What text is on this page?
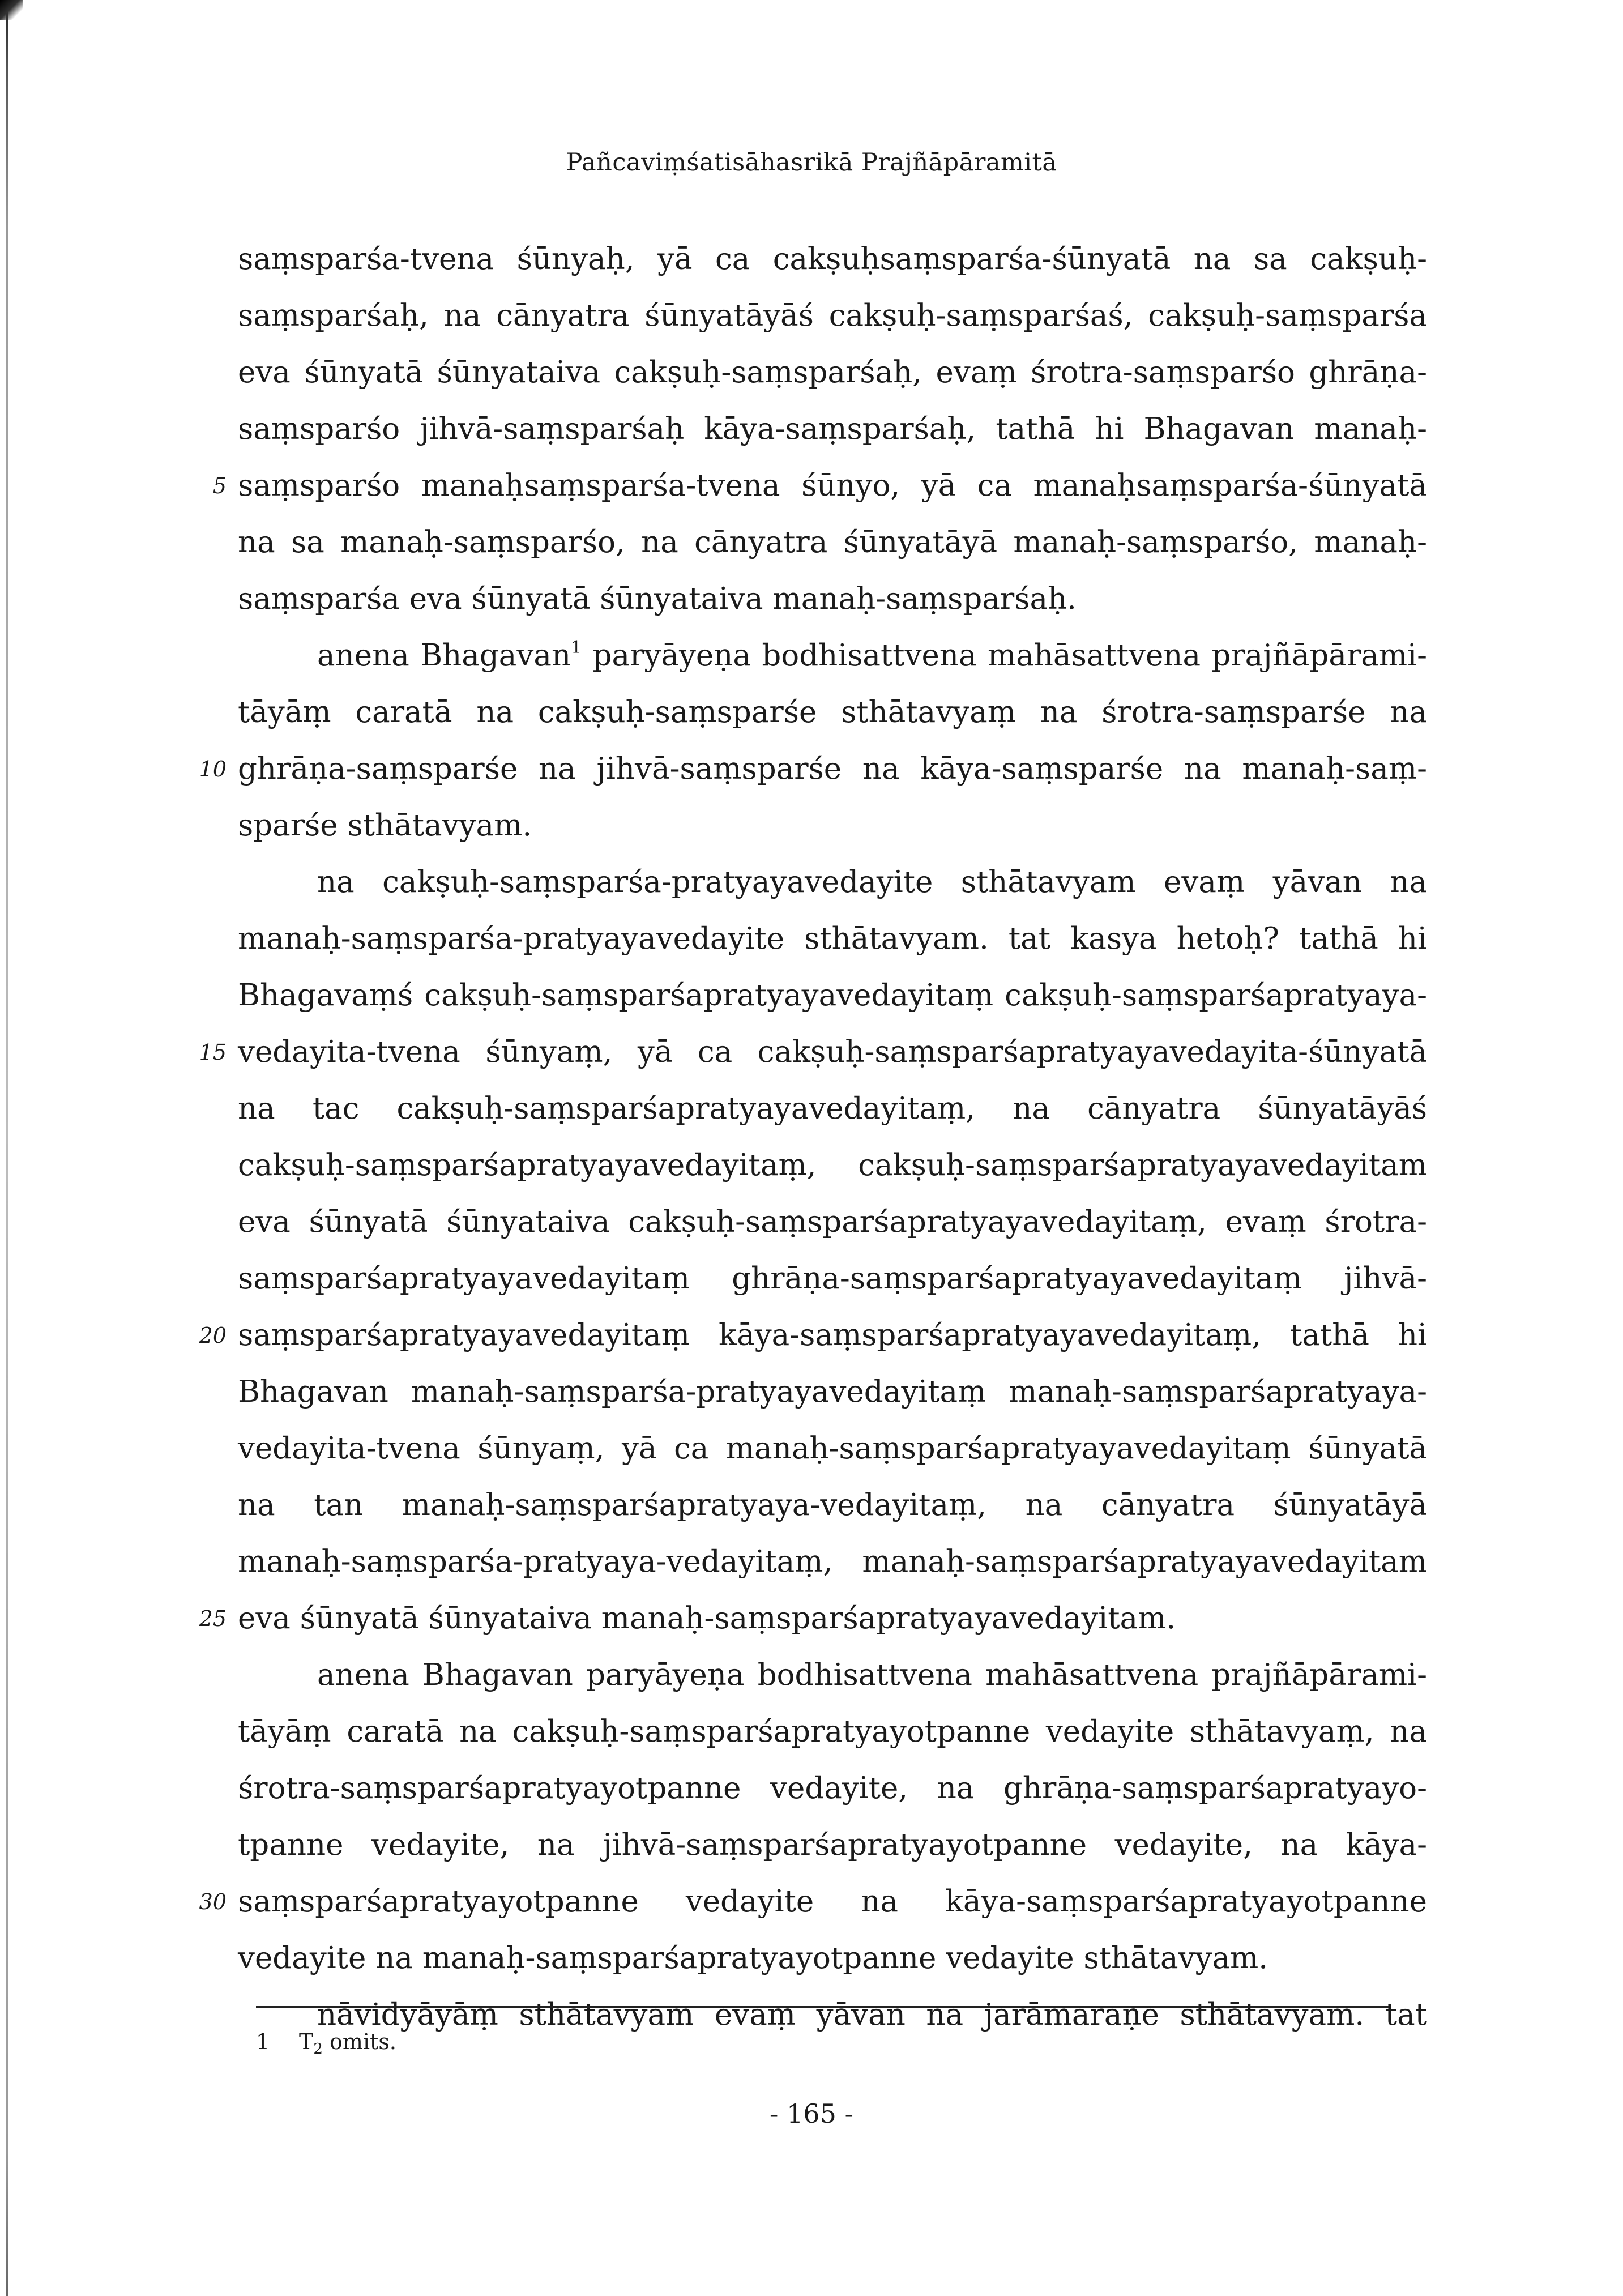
Pañcaviṃśatisāhasrikā Prajñāpāramitā
saṃsparśa-tvena śūnyaḥ, yā ca cakṣuḥsaṃsparśa-śūnyatā na sa cakṣuḥ-
saṃsparśaḥ, na cānyatra śūnyatāyāś cakṣuḥ-saṃsparśaś, cakṣuḥ-saṃsparśa
eva śūnyatā śūnyataiva cakṣuḥ-saṃsparśaḥ, evaṃ śrotra-saṃsparśo ghrāṇa-
saṃsparśo jihvā-saṃsparśaḥ kāya-saṃsparśaḥ, tathā hi Bhagavan manaḥ-
5 saṃsparśo manaḥsaṃsparśa-tvena śūnyo, yā ca manaḥsaṃsparśa-śūnyatā
na sa manaḥ-saṃsparśo, na cānyatra śūnyatāyā manaḥ-saṃsparśo, manaḥ-
saṃsparśa eva śūnyatā śūnyataiva manaḥ-saṃsparśaḥ.
anena Bhagavan$^1$ paryāyeṇa bodhisattvena mahāsattvena prajñāpārami-
tāyāṃ caratā na cakṣuḥ-saṃsparśe sthātavyaṃ na śrotra-saṃsparśe na
10 ghrāṇa-saṃsparśe na jihvā-saṃsparśe na kāya-saṃsparśe na manaḥ-saṃ-
sparśe sthātavyam.
na cakṣuḥ-saṃsparśa-pratyayavedayite sthātavyam evaṃ yāvan na
manaḥ-saṃsparśa-pratyayavedayite sthātavyam. tat kasya hetoḥ? tathā hi
Bhagavaṃś cakṣuḥ-saṃsparśapratyayavedayitaṃ cakṣuḥ-saṃsparśapratyaya-
15 vedayita-tvena śūnyaṃ, yā ca cakṣuḥ-saṃsparśapratyayavedayita-śūnyatā
na tac cakṣuḥ-saṃsparśapratyayavedayitaṃ, na cānyatra śūnyatāyāś
cakṣuḥ-saṃsparśapratyayavedayitaṃ, cakṣuḥ-saṃsparśapratyayavedayitam
eva śūnyatā śūnyataiva cakṣuḥ-saṃsparśapratyayavedayitaṃ, evaṃ śrotra-
saṃsparśapratyayavedayitaṃ ghrāṇa-saṃsparśapratyayavedayitaṃ jihvā-
20 saṃsparśapratyayavedayitaṃ kāya-saṃsparśapratyayavedayitaṃ, tathā hi
Bhagavan manaḥ-saṃsparśa-pratyayavedayitaṃ manaḥ-saṃsparśapratyaya-
vedayita-tvena śūnyaṃ, yā ca manaḥ-saṃsparśapratyayavedayitaṃ śūnyatā
na tan manaḥ-saṃsparśapratyaya-vedayitaṃ, na cānyatra śūnyatāyā
manaḥ-saṃsparśa-pratyaya-vedayitaṃ, manaḥ-saṃsparśapratyayavedayitam
25 eva śūnyatā śūnyataiva manaḥ-saṃsparśapratyayavedayitam.
anena Bhagavan paryāyeṇa bodhisattvena mahāsattvena prajñāpārami-
tāyāṃ caratā na cakṣuḥ-saṃsparśapratyayotpanne vedayite sthātavyaṃ, na
śrotra-saṃsparśapratyayotpanne vedayite, na ghrāṇa-saṃsparśapratyayo-
tpanne vedayite, na jihvā-saṃsparśapratyayotpanne vedayite, na kāya-
30 saṃsparśapratyayotpanne vedayite na kāya-saṃsparśapratyayotpanne
vedayite na manaḥ-saṃsparśapratyayotpanne vedayite sthātavyam.
nāvidyāyāṃ sthātavyam evaṃ yāvan na jarāmaraṇe sthātavyam. tat
1 $T_2$ omits.
- 165 -
